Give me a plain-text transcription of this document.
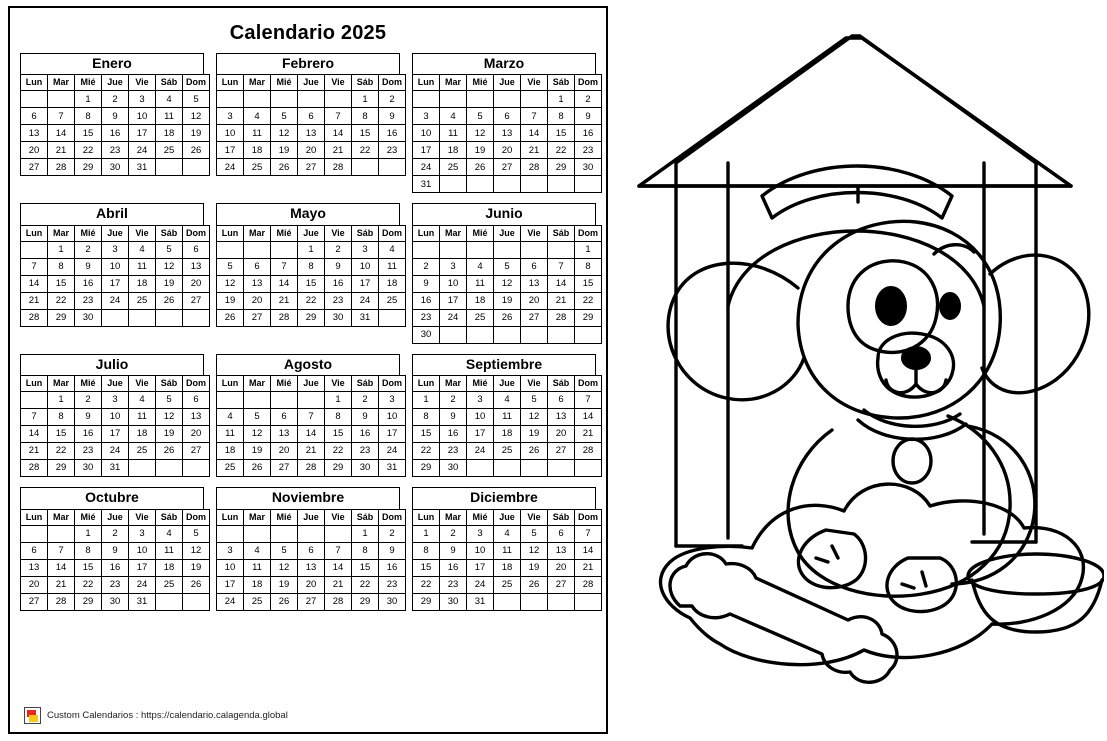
Calendario 2025
Enero
Lun	Mar	Mié	Jue	Vie	Sáb	Dom
		1	2	3	4	5
6	7	8	9	10	11	12
13	14	15	16	17	18	19
20	21	22	23	24	25	26
27	28	29	30	31		
Febrero
Lun	Mar	Mié	Jue	Vie	Sáb	Dom
					1	2
3	4	5	6	7	8	9
10	11	12	13	14	15	16
17	18	19	20	21	22	23
24	25	26	27	28		
Marzo
Lun	Mar	Mié	Jue	Vie	Sáb	Dom
					1	2
3	4	5	6	7	8	9
10	11	12	13	14	15	16
17	18	19	20	21	22	23
24	25	26	27	28	29	30
31						
Abril
Lun	Mar	Mié	Jue	Vie	Sáb	Dom
	1	2	3	4	5	6
7	8	9	10	11	12	13
14	15	16	17	18	19	20
21	22	23	24	25	26	27
28	29	30				
Mayo
Lun	Mar	Mié	Jue	Vie	Sáb	Dom
			1	2	3	4
5	6	7	8	9	10	11
12	13	14	15	16	17	18
19	20	21	22	23	24	25
26	27	28	29	30	31	
Junio
Lun	Mar	Mié	Jue	Vie	Sáb	Dom
						1
2	3	4	5	6	7	8
9	10	11	12	13	14	15
16	17	18	19	20	21	22
23	24	25	26	27	28	29
30						
Julio
Lun	Mar	Mié	Jue	Vie	Sáb	Dom
	1	2	3	4	5	6
7	8	9	10	11	12	13
14	15	16	17	18	19	20
21	22	23	24	25	26	27
28	29	30	31			
Agosto
Lun	Mar	Mié	Jue	Vie	Sáb	Dom
				1	2	3
4	5	6	7	8	9	10
11	12	13	14	15	16	17
18	19	20	21	22	23	24
25	26	27	28	29	30	31
Septiembre
Lun	Mar	Mié	Jue	Vie	Sáb	Dom
1	2	3	4	5	6	7
8	9	10	11	12	13	14
15	16	17	18	19	20	21
22	23	24	25	26	27	28
29	30					
Octubre
Lun	Mar	Mié	Jue	Vie	Sáb	Dom
		1	2	3	4	5
6	7	8	9	10	11	12
13	14	15	16	17	18	19
20	21	22	23	24	25	26
27	28	29	30	31		
Noviembre
Lun	Mar	Mié	Jue	Vie	Sáb	Dom
					1	2
3	4	5	6	7	8	9
10	11	12	13	14	15	16
17	18	19	20	21	22	23
24	25	26	27	28	29	30
Diciembre
Lun	Mar	Mié	Jue	Vie	Sáb	Dom
1	2	3	4	5	6	7
8	9	10	11	12	13	14
15	16	17	18	19	20	21
22	23	24	25	26	27	28
29	30	31				
Custom Calendarios : https://calendario.calagenda.global
